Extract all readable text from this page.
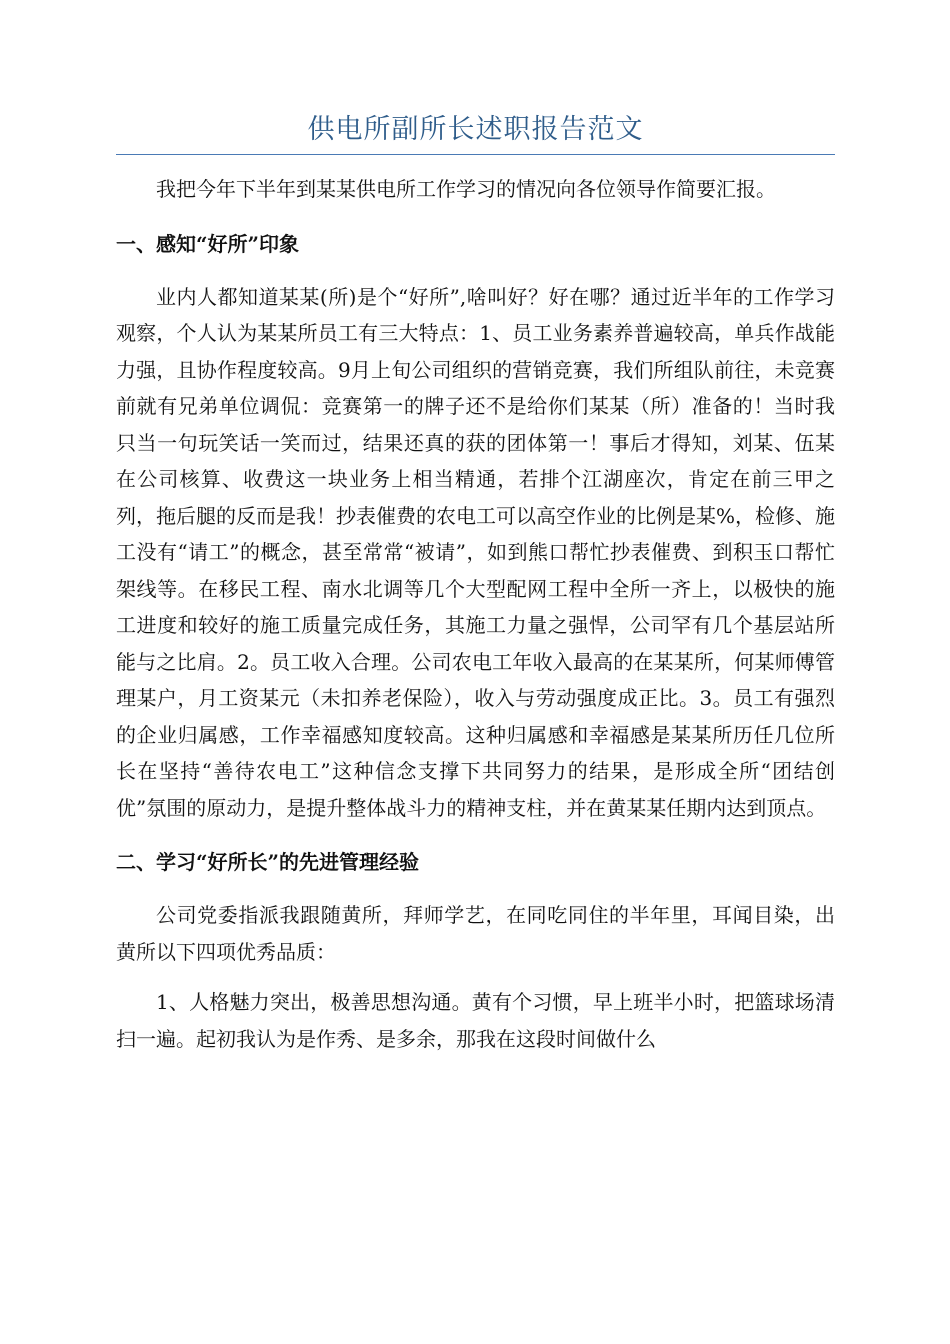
供电所副所长述职报告范文

我把今年下半年到某某供电所工作学习的情况向各位领导作简要汇报。

一、感知“好所”印象

业内人都知道某某(所)是个“好所”,啥叫好？好在哪？通过近半年的工作学习观察，个人认为某某所员工有三大特点：1、员工业务素养普遍较高，单兵作战能力强，且协作程度较高。9月上旬公司组织的营销竞赛，我们所组队前往，未竞赛前就有兄弟单位调侃：竞赛第一的牌子还不是给你们某某（所）准备的！当时我只当一句玩笑话一笑而过，结果还真的获的团体第一！事后才得知，刘某、伍某在公司核算、收费这一块业务上相当精通，若排个江湖座次，肯定在前三甲之列，拖后腿的反而是我！抄表催费的农电工可以高空作业的比例是某%，检修、施工没有“请工”的概念，甚至常常“被请”，如到熊口帮忙抄表催费、到积玉口帮忙架线等。在移民工程、南水北调等几个大型配网工程中全所一齐上，以极快的施工进度和较好的施工质量完成任务，其施工力量之强悍，公司罕有几个基层站所能与之比肩。2。员工收入合理。公司农电工年收入最高的在某某所，何某师傅管理某户，月工资某元（未扣养老保险），收入与劳动强度成正比。3。员工有强烈的企业归属感，工作幸福感知度较高。这种归属感和幸福感是某某所历任几位所长在坚持“善待农电工”这种信念支撑下共同努力的结果，是形成全所“团结创优”氛围的原动力，是提升整体战斗力的精神支柱，并在黄某某任期内达到顶点。

二、学习“好所长”的先进管理经验

公司党委指派我跟随黄所，拜师学艺，在同吃同住的半年里，耳闻目染，出黄所以下四项优秀品质：

1、人格魅力突出，极善思想沟通。黄有个习惯，早上班半小时，把篮球场清扫一遍。起初我认为是作秀、是多余，那我在这段时间做什么
